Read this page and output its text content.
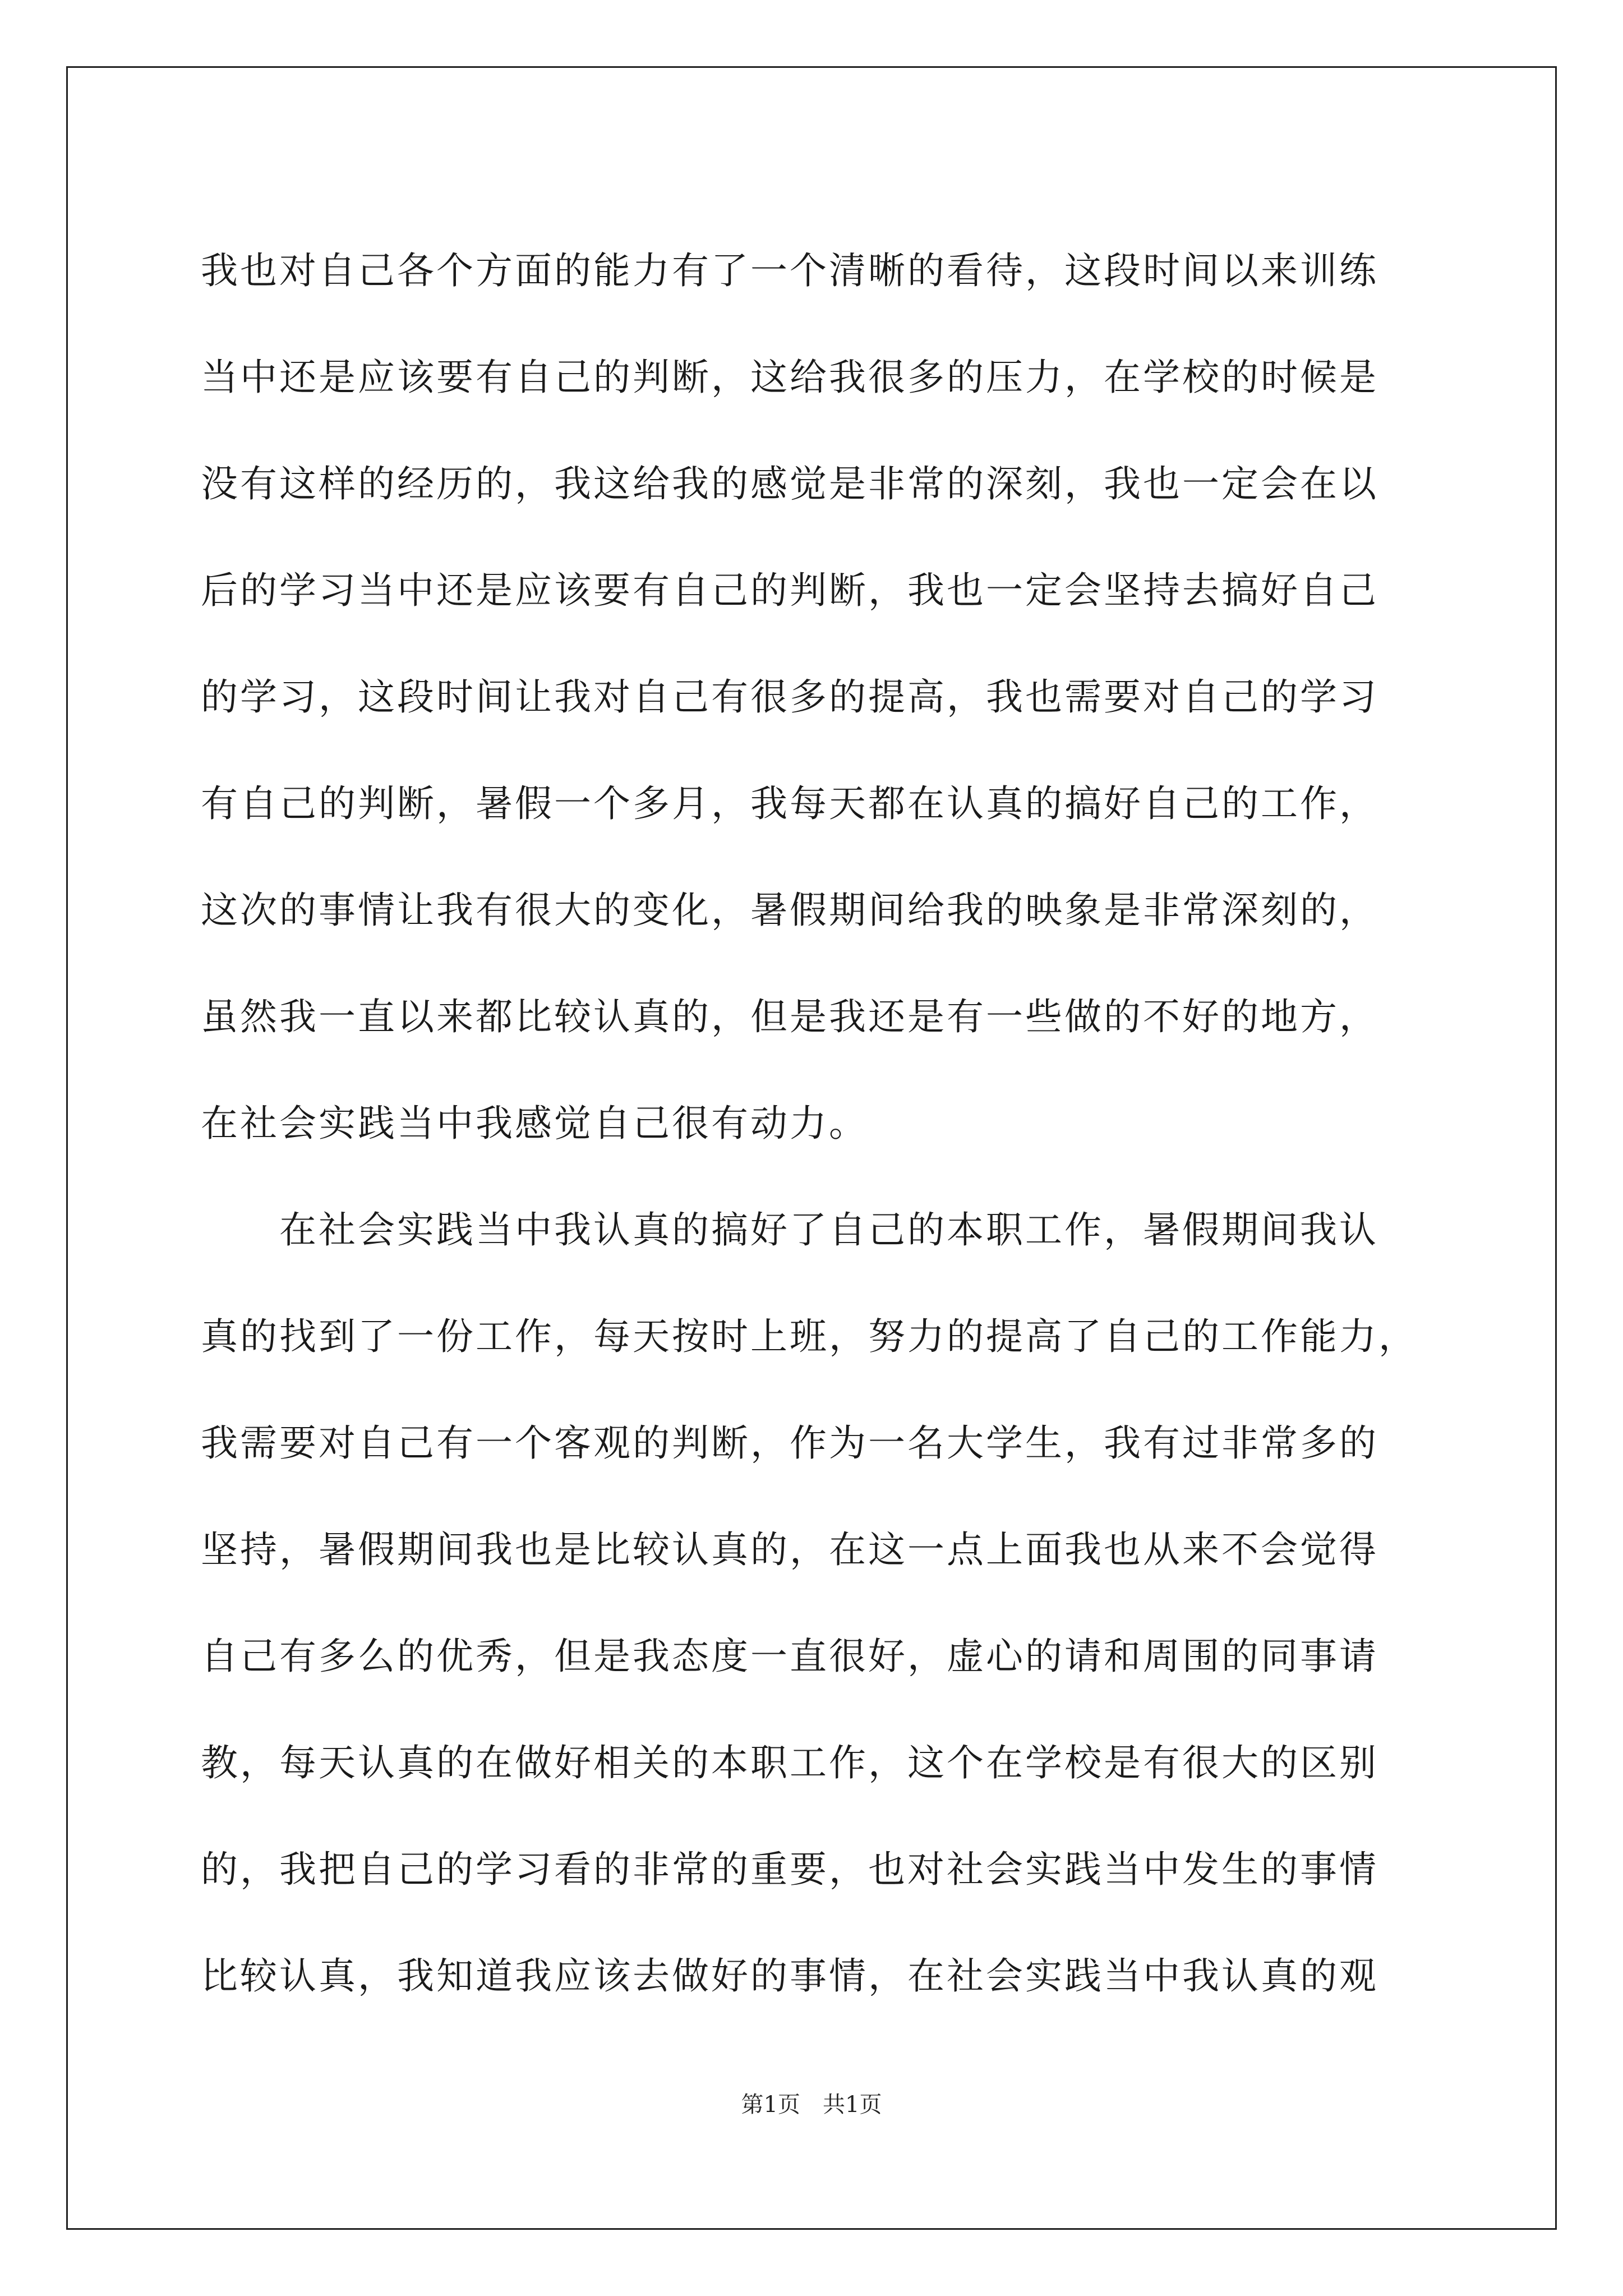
我也对自己各个方面的能力有了一个清晰的看待，这段时间以来训练
当中还是应该要有自己的判断，这给我很多的压力，在学校的时候是
没有这样的经历的，我这给我的感觉是非常的深刻，我也一定会在以
后的学习当中还是应该要有自己的判断，我也一定会坚持去搞好自己
的学习，这段时间让我对自己有很多的提高，我也需要对自己的学习
有自己的判断，暑假一个多月，我每天都在认真的搞好自己的工作，
这次的事情让我有很大的变化，暑假期间给我的映象是非常深刻的，
虽然我一直以来都比较认真的，但是我还是有一些做的不好的地方，
在社会实践当中我感觉自己很有动力。
在社会实践当中我认真的搞好了自己的本职工作，暑假期间我认
真的找到了一份工作，每天按时上班，努力的提高了自己的工作能力，
我需要对自己有一个客观的判断，作为一名大学生，我有过非常多的
坚持，暑假期间我也是比较认真的，在这一点上面我也从来不会觉得
自己有多么的优秀，但是我态度一直很好，虚心的请和周围的同事请
教，每天认真的在做好相关的本职工作，这个在学校是有很大的区别
的，我把自己的学习看的非常的重要，也对社会实践当中发生的事情
比较认真，我知道我应该去做好的事情，在社会实践当中我认真的观
第1页　共1页
